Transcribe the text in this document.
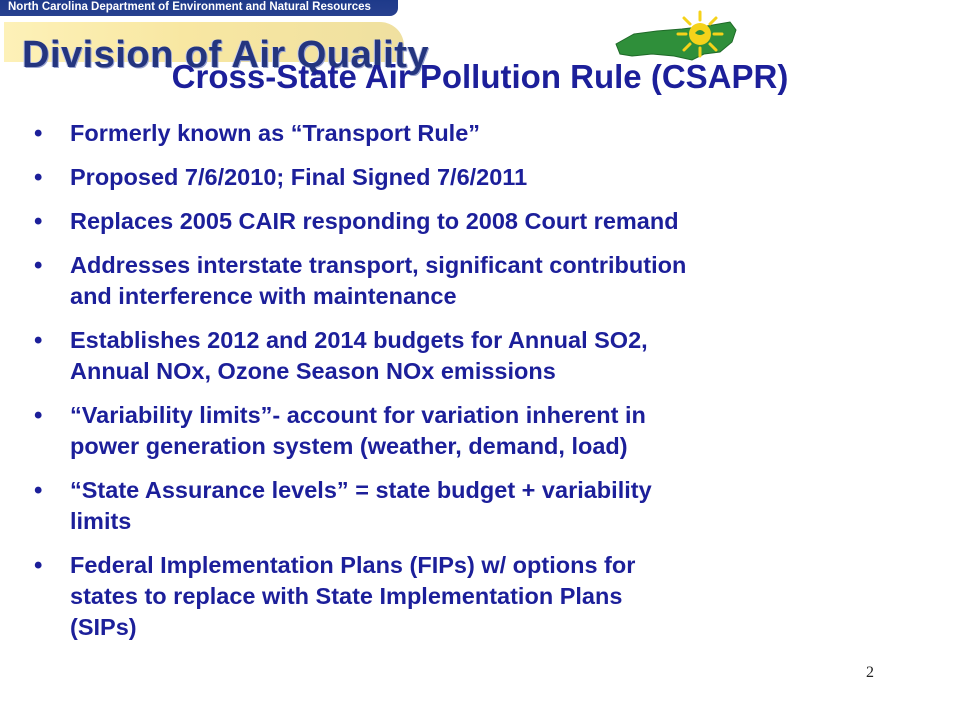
North Carolina Department of Environment and Natural Resources
Division of Air Quality
Cross-State Air Pollution Rule (CSAPR)
• Formerly known as “Transport Rule”
• Proposed 7/6/2010; Final Signed 7/6/2011
• Replaces 2005 CAIR responding to 2008 Court remand
• Addresses interstate transport, significant contribution
and interference with maintenance
• Establishes 2012 and 2014 budgets for Annual SO2,
Annual NOx, Ozone Season NOx emissions
• “Variability limits”- account for variation inherent in
power generation system (weather, demand, load)
• “State Assurance levels” = state budget + variability
limits
• Federal Implementation Plans (FIPs) w/ options for
states to replace with State Implementation Plans
(SIPs)
2
